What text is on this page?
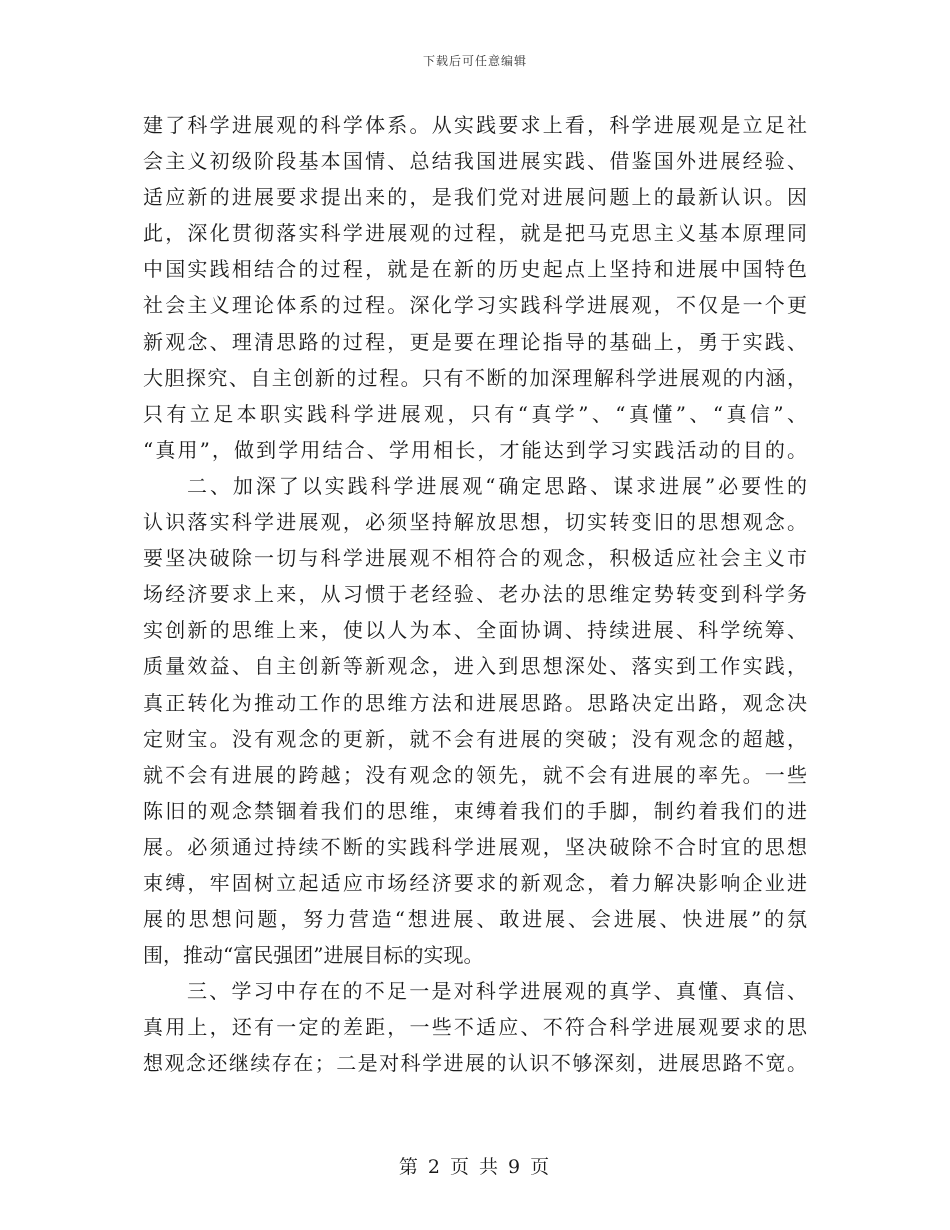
下载后可任意编辑
建了科学进展观的科学体系。从实践要求上看，科学进展观是立足社
会主义初级阶段基本国情、总结我国进展实践、借鉴国外进展经验、
适应新的进展要求提出来的，是我们党对进展问题上的最新认识。因
此，深化贯彻落实科学进展观的过程，就是把马克思主义基本原理同
中国实践相结合的过程，就是在新的历史起点上坚持和进展中国特色
社会主义理论体系的过程。深化学习实践科学进展观，不仅是一个更
新观念、理清思路的过程，更是要在理论指导的基础上，勇于实践、
大胆探究、自主创新的过程。只有不断的加深理解科学进展观的内涵，
只有立足本职实践科学进展观，只有“真学”、“真懂”、“真信”、
“真用”，做到学用结合、学用相长，才能达到学习实践活动的目的。
二、加深了以实践科学进展观“确定思路、谋求进展”必要性的
认识落实科学进展观，必须坚持解放思想，切实转变旧的思想观念。
要坚决破除一切与科学进展观不相符合的观念，积极适应社会主义市
场经济要求上来，从习惯于老经验、老办法的思维定势转变到科学务
实创新的思维上来，使以人为本、全面协调、持续进展、科学统筹、
质量效益、自主创新等新观念，进入到思想深处、落实到工作实践，
真正转化为推动工作的思维方法和进展思路。思路决定出路，观念决
定财宝。没有观念的更新，就不会有进展的突破；没有观念的超越，
就不会有进展的跨越；没有观念的领先，就不会有进展的率先。一些
陈旧的观念禁锢着我们的思维，束缚着我们的手脚，制约着我们的进
展。必须通过持续不断的实践科学进展观，坚决破除不合时宜的思想
束缚，牢固树立起适应市场经济要求的新观念，着力解决影响企业进
展的思想问题，努力营造“想进展、敢进展、会进展、快进展”的氛
围，推动“富民强团”进展目标的实现。
三、学习中存在的不足一是对科学进展观的真学、真懂、真信、
真用上，还有一定的差距，一些不适应、不符合科学进展观要求的思
想观念还继续存在；二是对科学进展的认识不够深刻，进展思路不宽。
第 2 页 共 9 页
